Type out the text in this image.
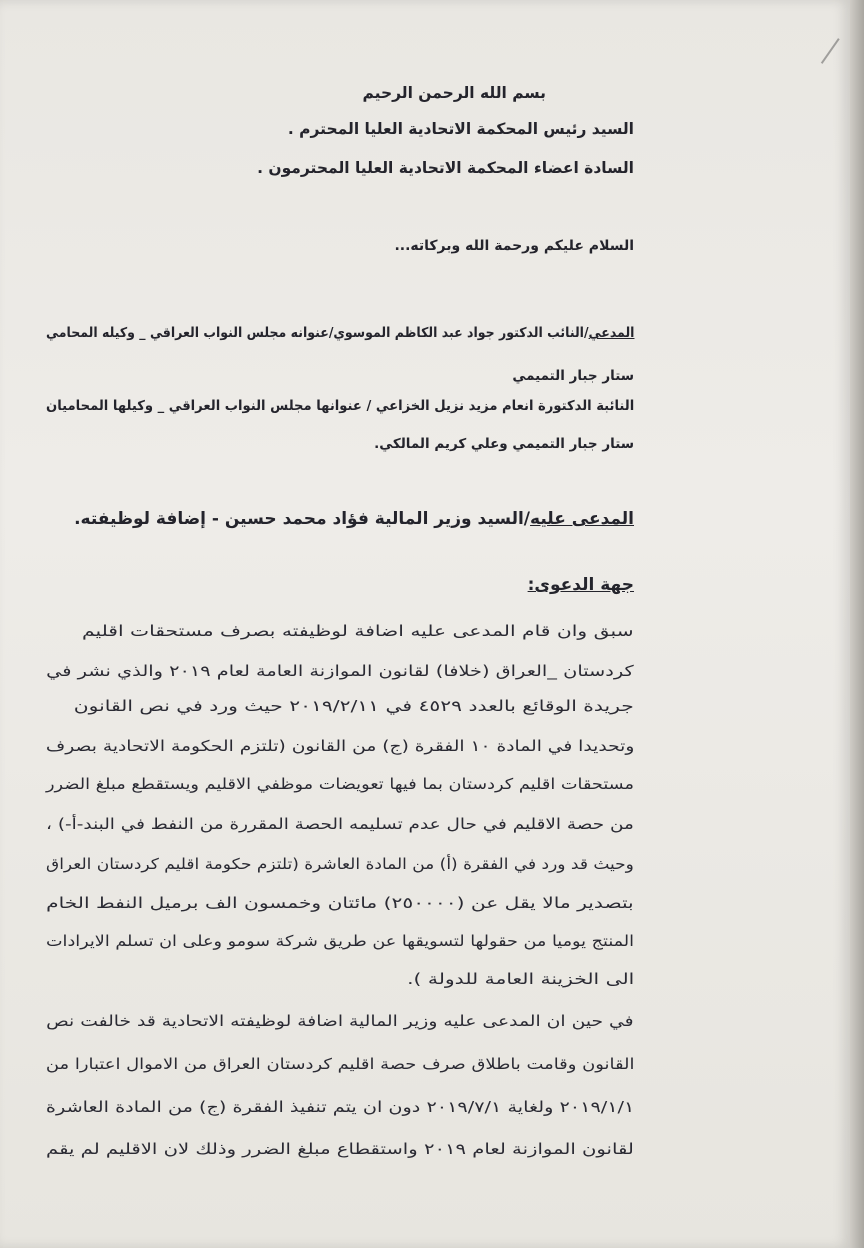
بسم الله الرحمن الرحيم
السيد رئيس المحكمة الاتحادية العليا المحترم .
السادة اعضاء المحكمة الاتحادية العليا المحترمون .
السلام عليكم ورحمة الله وبركاته...
المدعي/النائب الدكتور جواد عبد الكاظم الموسوي/عنوانه مجلس النواب العراقي _ وكيله المحامي
ستار جبار التميمي
النائبة الدكتورة انعام مزيد نزيل الخزاعي / عنوانها مجلس النواب العراقي _ وكيلها المحاميان
ستار جبار التميمي وعلي كريم المالكي.
المدعى عليه/السيد وزير المالية فؤاد محمد حسين - إضافة لوظيفته.
جهة الدعوى:
سبق وان قام المدعى عليه اضافة لوظيفته بصرف مستحقات اقليم
كردستان _العراق (خلافا) لقانون الموازنة العامة لعام ٢٠١٩ والذي نشر في
جريدة الوقائع بالعدد ٤٥٢٩ في ٢٠١٩/٢/١١ حيث ورد في نص القانون
وتحديدا في المادة ١٠ الفقرة (ج) من القانون (تلتزم الحكومة الاتحادية بصرف
مستحقات اقليم كردستان بما فيها تعويضات موظفي الاقليم ويستقطع مبلغ الضرر
من حصة الاقليم في حال عدم تسليمه الحصة المقررة من النفط في البند-أ-) ،
وحيث قد ورد في الفقرة (أ) من المادة العاشرة (تلتزم حكومة اقليم كردستان العراق
بتصدير مالا يقل عن (٢٥٠٠٠٠) مائتان وخمسون الف برميل النفط الخام
المنتج يوميا من حقولها لتسويقها عن طريق شركة سومو وعلى ان تسلم الايرادات
الى الخزينة العامة للدولة ).
في حين ان المدعى عليه وزير المالية اضافة لوظيفته الاتحادية قد خالفت نص
القانون وقامت باطلاق صرف حصة اقليم كردستان العراق من الاموال اعتبارا من
٢٠١٩/١/١ ولغاية ٢٠١٩/٧/١ دون ان يتم تنفيذ الفقرة (ج) من المادة العاشرة
لقانون الموازنة لعام ٢٠١٩ واستقطاع مبلغ الضرر وذلك لان الاقليم لم يقم
